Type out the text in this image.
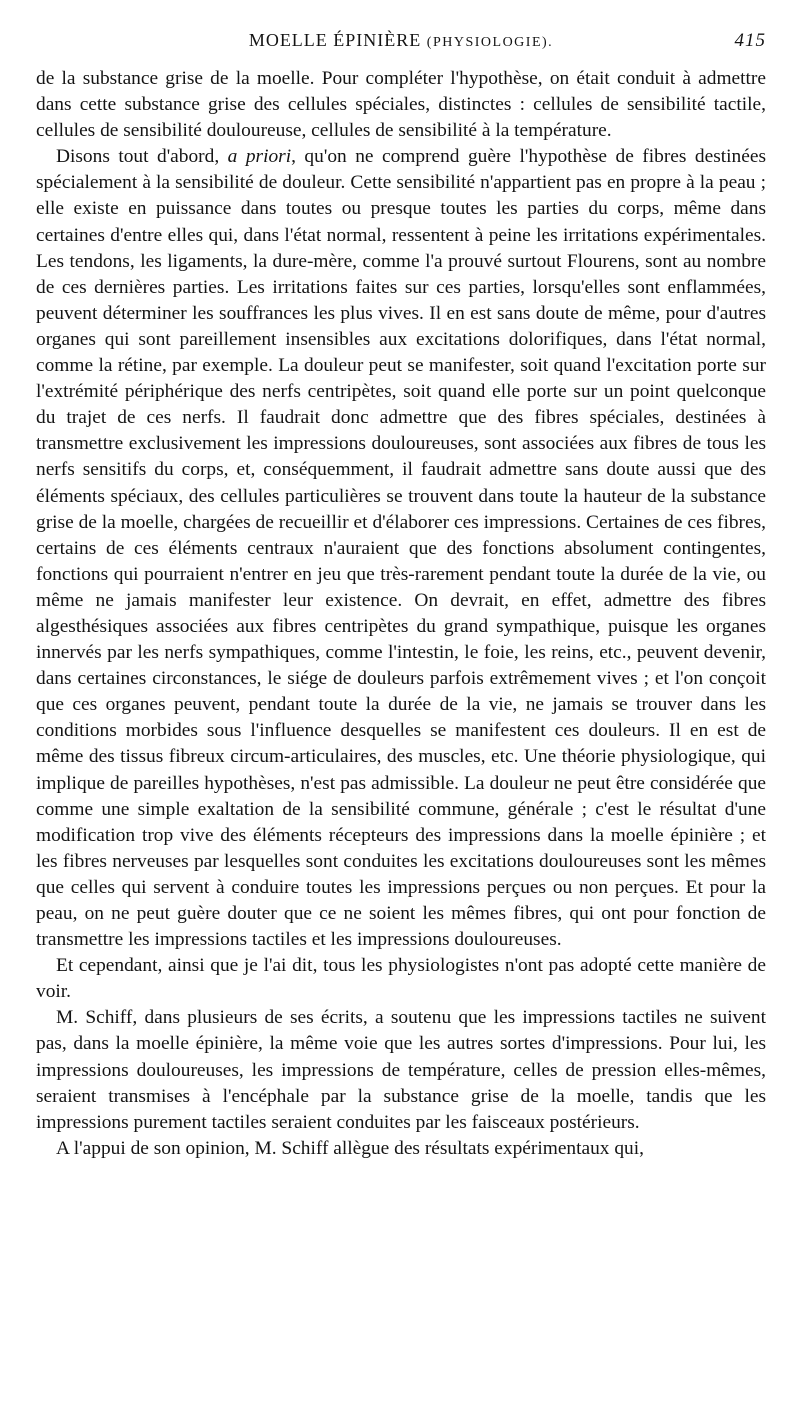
MOELLE ÉPINIÈRE (PHYSIOLOGIE).	415

de la substance grise de la moelle. Pour compléter l'hypothèse, on était conduit à admettre dans cette substance grise des cellules spéciales, distinctes : cellules de sensibilité tactile, cellules de sensibilité douloureuse, cellules de sensibilité à la température.

Disons tout d'abord, a priori, qu'on ne comprend guère l'hypothèse de fibres destinées spécialement à la sensibilité de douleur. Cette sensibilité n'appartient pas en propre à la peau ; elle existe en puissance dans toutes ou presque toutes les parties du corps, même dans certaines d'entre elles qui, dans l'état normal, ressentent à peine les irritations expérimentales. Les tendons, les ligaments, la dure-mère, comme l'a prouvé surtout Flourens, sont au nombre de ces dernières parties. Les irritations faites sur ces parties, lorsqu'elles sont enflammées, peuvent déterminer les souffrances les plus vives. Il en est sans doute de même, pour d'autres organes qui sont pareillement insensibles aux excitations dolorifiques, dans l'état normal, comme la rétine, par exemple. La douleur peut se manifester, soit quand l'excitation porte sur l'extrémité périphérique des nerfs centripètes, soit quand elle porte sur un point quelconque du trajet de ces nerfs. Il faudrait donc admettre que des fibres spéciales, destinées à transmettre exclusivement les impressions douloureuses, sont associées aux fibres de tous les nerfs sensitifs du corps, et, conséquemment, il faudrait admettre sans doute aussi que des éléments spéciaux, des cellules particulières se trouvent dans toute la hauteur de la substance grise de la moelle, chargées de recueillir et d'élaborer ces impressions. Certaines de ces fibres, certains de ces éléments centraux n'auraient que des fonctions absolument contingentes, fonctions qui pourraient n'entrer en jeu que très-rarement pendant toute la durée de la vie, ou même ne jamais manifester leur existence. On devrait, en effet, admettre des fibres algesthésiques associées aux fibres centripètes du grand sympathique, puisque les organes innervés par les nerfs sympathiques, comme l'intestin, le foie, les reins, etc., peuvent devenir, dans certaines circonstances, le siége de douleurs parfois extrêmement vives ; et l'on conçoit que ces organes peuvent, pendant toute la durée de la vie, ne jamais se trouver dans les conditions morbides sous l'influence desquelles se manifestent ces douleurs. Il en est de même des tissus fibreux circum-articulaires, des muscles, etc. Une théorie physiologique, qui implique de pareilles hypothèses, n'est pas admissible. La douleur ne peut être considérée que comme une simple exaltation de la sensibilité commune, générale ; c'est le résultat d'une modification trop vive des éléments récepteurs des impressions dans la moelle épinière ; et les fibres nerveuses par lesquelles sont conduites les excitations douloureuses sont les mêmes que celles qui servent à conduire toutes les impressions perçues ou non perçues. Et pour la peau, on ne peut guère douter que ce ne soient les mêmes fibres, qui ont pour fonction de transmettre les impressions tactiles et les impressions douloureuses.

Et cependant, ainsi que je l'ai dit, tous les physiologistes n'ont pas adopté cette manière de voir.

M. Schiff, dans plusieurs de ses écrits, a soutenu que les impressions tactiles ne suivent pas, dans la moelle épinière, la même voie que les autres sortes d'impressions. Pour lui, les impressions douloureuses, les impressions de température, celles de pression elles-mêmes, seraient transmises à l'encéphale par la substance grise de la moelle, tandis que les impressions purement tactiles seraient conduites par les faisceaux postérieurs.

A l'appui de son opinion, M. Schiff allègue des résultats expérimentaux qui,
